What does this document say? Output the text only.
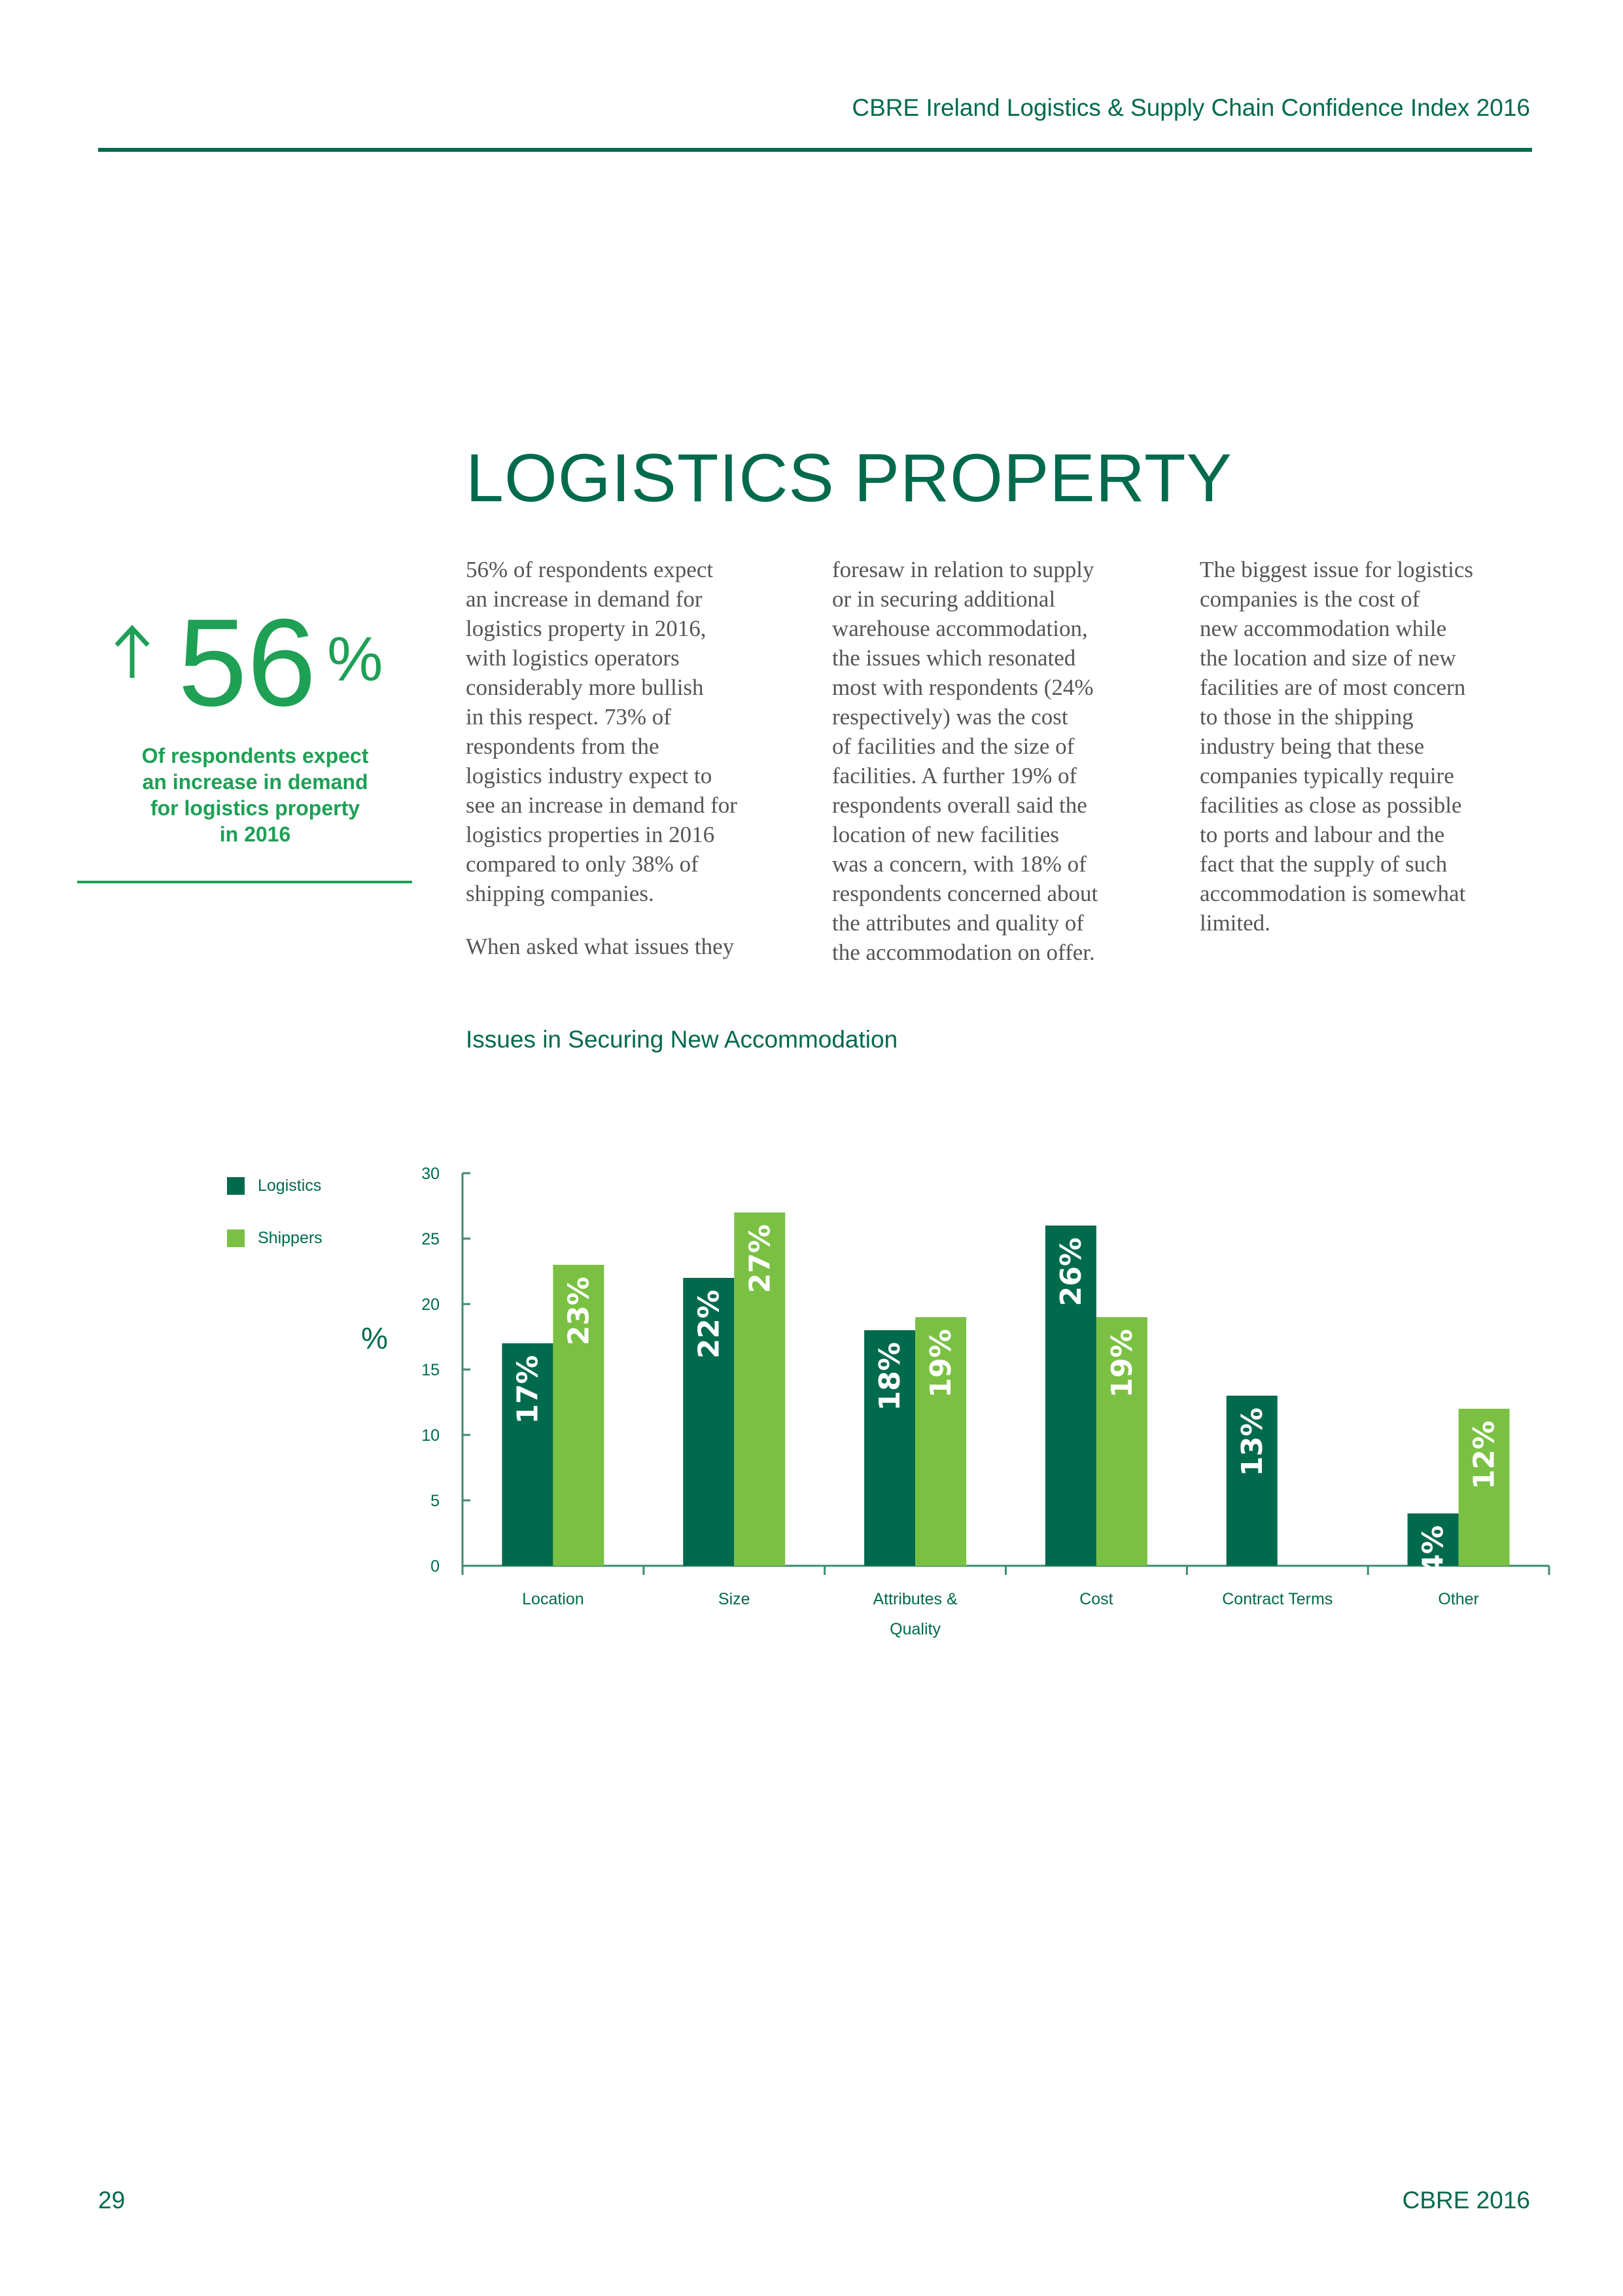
CBRE Ireland Logistics & Supply Chain Confidence Index 2016
LOGISTICS PROPERTY
56 %
Of respondents expect
an increase in demand
for logistics property
in 2016

56% of respondents expect

an increase in demand for

logistics property in 2016,

with logistics operators

considerably more bullish

in this respect. 73% of

respondents from the

logistics industry expect to

see an increase in demand for

logistics properties in 2016

compared to only 38% of

shipping companies.

When asked what issues they

foresaw in relation to supply

or in securing additional

warehouse accommodation,

the issues which resonated

most with respondents (24%

respectively) was the cost

of facilities and the size of

facilities. A further 19% of

respondents overall said the

location of new facilities

was a concern, with 18% of

respondents concerned about

the attributes and quality of

the accommodation on offer.

The biggest issue for logistics

companies is the cost of

new accommodation while

the location and size of new

facilities are of most concern

to those in the shipping

industry being that these

companies typically require

facilities as close as possible

to ports and labour and the

fact that the supply of such

accommodation is somewhat

limited.

Issues in Securing New Accommodation
Logistics
Shippers
%
0
5
10
15
20
25
30
Location	Size	Attributes &
Quality
Cost	Contract Terms	Other
17%
23%	22%
27%
18% 19%
26%
19%
13%
4%
12%
29	CBRE 2016
